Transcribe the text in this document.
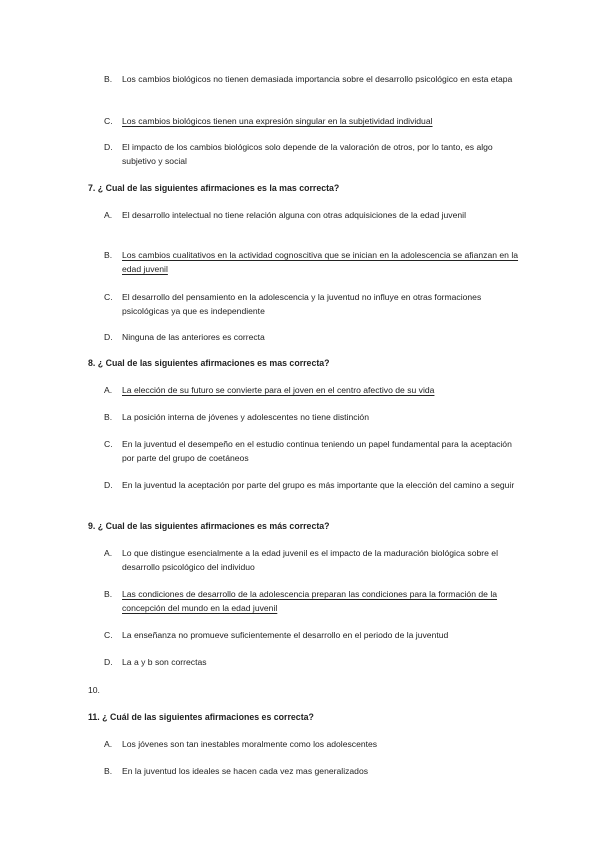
B.	Los cambios biológicos no tienen demasiada importancia sobre el desarrollo psicológico en esta etapa
C.	Los cambios biológicos tienen una expresión singular en la subjetividad individual
D.	El impacto de los cambios biológicos solo depende de la valoración de otros, por lo tanto, es algo subjetivo y social
7. ¿ Cual de las siguientes afirmaciones es la mas correcta?
A.	El desarrollo intelectual no tiene relación alguna con otras adquisiciones de la edad juvenil
B.	Los cambios cualitativos en la actividad cognoscitiva que se inician en la adolescencia se afianzan en la edad juvenil
C.	El desarrollo del pensamiento en la adolescencia y la juventud no influye en otras formaciones psicológicas ya que es independiente
D.	Ninguna de las anteriores es correcta
8. ¿ Cual de las siguientes afirmaciones es mas correcta?
A.	La elección de su futuro se convierte para el joven en el centro afectivo de su vida
B.	La posición interna de jóvenes y adolescentes no tiene distinción
C.	En la juventud el desempeño en el estudio continua teniendo un papel fundamental para la aceptación por parte del grupo de coetáneos
D.	En la juventud la aceptación por parte del grupo es más importante que la elección del camino a seguir
9. ¿ Cual de las siguientes afirmaciones es más correcta?
A.	Lo que distingue esencialmente a la edad juvenil es el impacto de la maduración biológica sobre el desarrollo psicológico del individuo
B.	Las condiciones de desarrollo de la adolescencia preparan las condiciones para la formación de la concepción del mundo en la edad juvenil
C.	La enseñanza no promueve suficientemente el desarrollo en el periodo de la juventud
D.	La a y b son correctas
10.
11. ¿ Cuál de las siguientes afirmaciones es correcta?
A.	Los jóvenes son tan inestables moralmente como los adolescentes
B.	En la juventud los ideales se hacen cada vez mas generalizados
